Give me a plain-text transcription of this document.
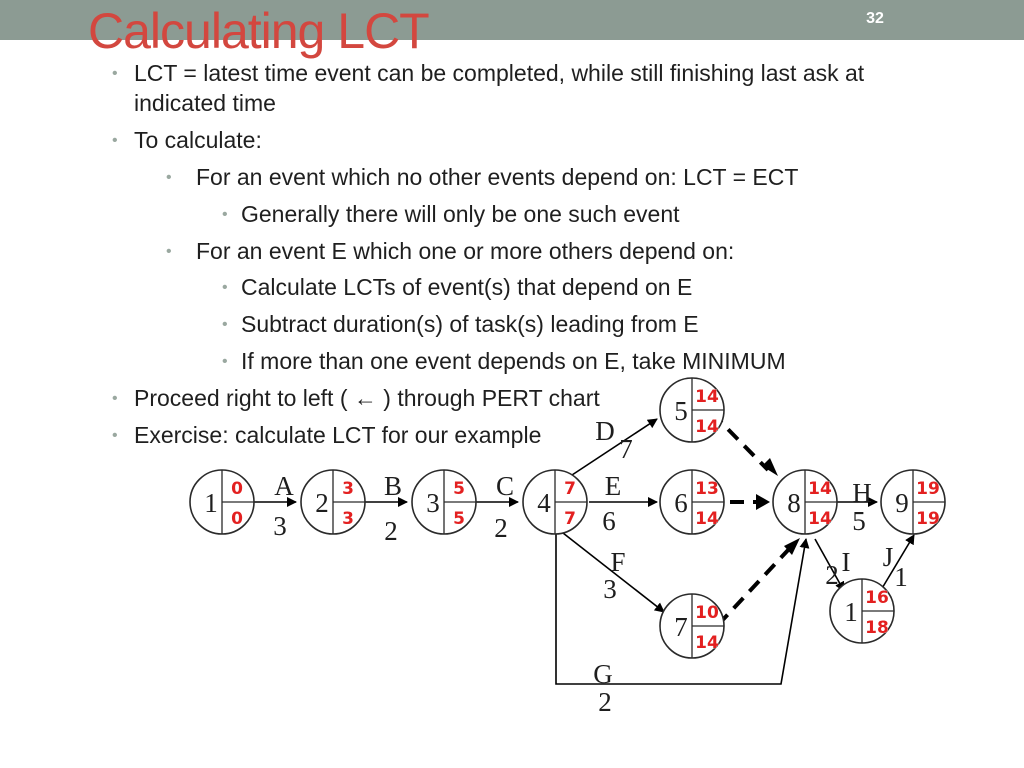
32
Calculating LCT
• LCT = latest time event can be completed, while still finishing last ask at
indicated time
• To calculate:
• For an event which no other events depend on: LCT = ECT
• Generally there will only be one such event
• For an event E which one or more others depend on:
• Calculate LCTs of event(s) that depend on E
• Subtract duration(s) of task(s) leading from E
• If more than one event depends on E, take MINIMUM
• Proceed right to left ( ← ) through PERT chart
• Exercise: calculate LCT for our example
A
3
B
2
C
2
D
7
E
6
F
3
G
2
H
5
I
2
J
1
1 0
0
2 3
3
3 5
5
4 7
7
5 14
14
6 13
14
7 10
14
8 14
14
9 19
19
1 16
18
